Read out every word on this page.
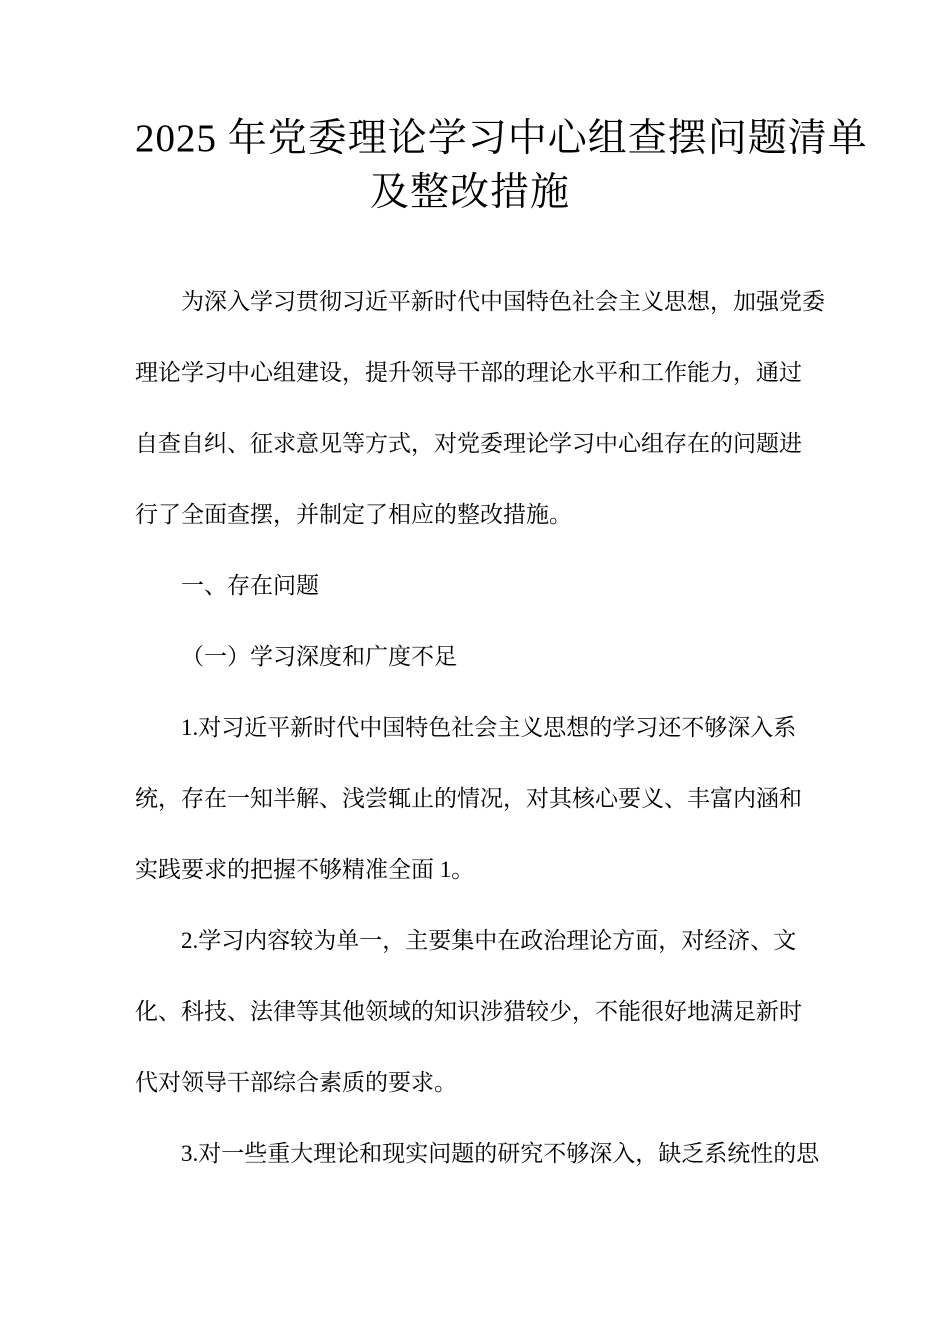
2025 年党委理论学习中心组查摆问题清单
及整改措施
为深入学习贯彻习近平新时代中国特色社会主义思想，加强党委
理论学习中心组建设，提升领导干部的理论水平和工作能力，通过
自查自纠、征求意见等方式，对党委理论学习中心组存在的问题进
行了全面查摆，并制定了相应的整改措施。
一、存在问题
（一）学习深度和广度不足
1.对习近平新时代中国特色社会主义思想的学习还不够深入系
统，存在一知半解、浅尝辄止的情况，对其核心要义、丰富内涵和
实践要求的把握不够精准全面 1。
2.学习内容较为单一，主要集中在政治理论方面，对经济、文
化、科技、法律等其他领域的知识涉猎较少，不能很好地满足新时
代对领导干部综合素质的要求。
3.对一些重大理论和现实问题的研究不够深入，缺乏系统性的思
